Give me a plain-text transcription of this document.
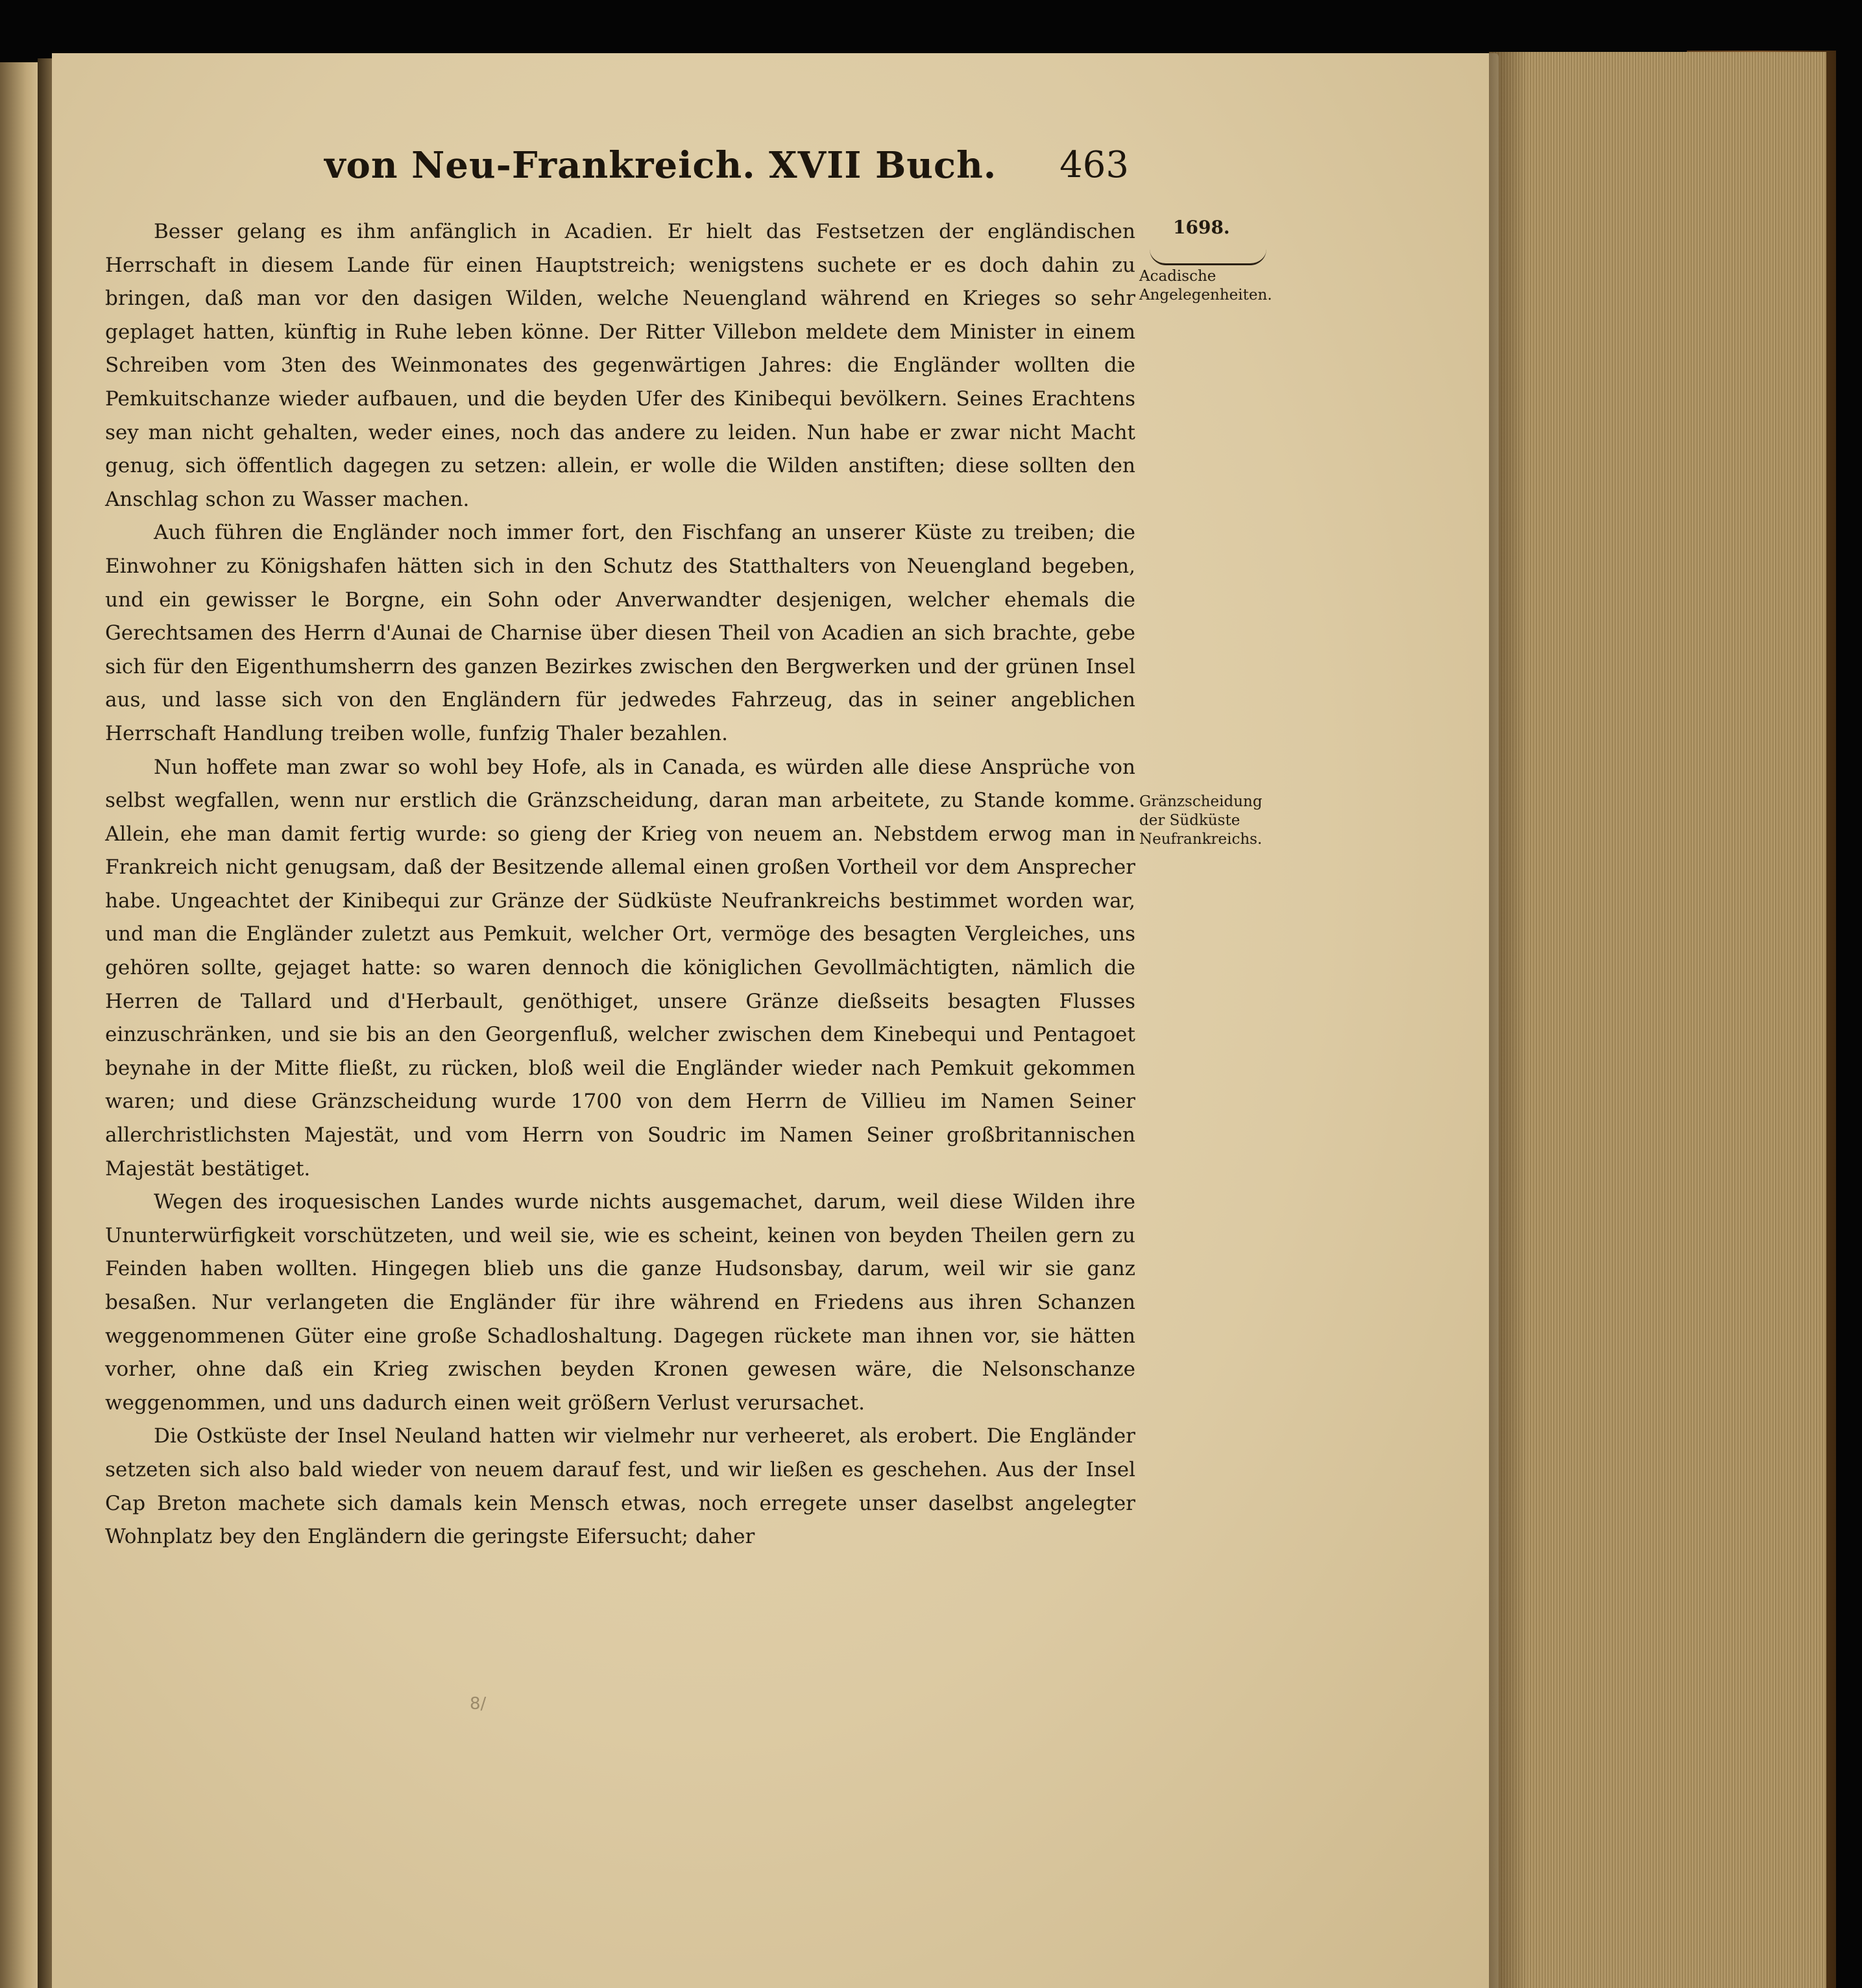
von Neu-Frankreich. XVII Buch. 463
1698.
Acadische Angelegenheiten.
Gränzscheidung der Südküste Neufrankreichs.

Besser gelang es ihm anfänglich in Acadien. Er hielt das Festsetzen der engländischen Herrschaft in diesem Lande für einen Hauptstreich; wenigstens suchete er es doch dahin zu bringen, daß man vor den dasigen Wilden, welche Neuengland während en Krieges so sehr geplaget hatten, künftig in Ruhe leben könne. Der Ritter Villebon meldete dem Minister in einem Schreiben vom 3ten des Weinmonates des gegenwärtigen Jahres: die Engländer wollten die Pemkuitschanze wieder aufbauen, und die beyden Ufer des Kinibequi bevölkern. Seines Erachtens sey man nicht gehalten, weder eines, noch das andere zu leiden. Nun habe er zwar nicht Macht genug, sich öffentlich dagegen zu setzen: allein, er wolle die Wilden anstiften; diese sollten den Anschlag schon zu Wasser machen.

Auch führen die Engländer noch immer fort, den Fischfang an unserer Küste zu treiben; die Einwohner zu Königshafen hätten sich in den Schutz des Statthalters von Neuengland begeben, und ein gewisser le Borgne, ein Sohn oder Anverwandter desjenigen, welcher ehemals die Gerechtsamen des Herrn d'Aunai de Charnise über diesen Theil von Acadien an sich brachte, gebe sich für den Eigenthumsherrn des ganzen Bezirkes zwischen den Bergwerken und der grünen Insel aus, und lasse sich von den Engländern für jedwedes Fahrzeug, das in seiner angeblichen Herrschaft Handlung treiben wolle, funfzig Thaler bezahlen.

Nun hoffete man zwar so wohl bey Hofe, als in Canada, es würden alle diese Ansprüche von selbst wegfallen, wenn nur erstlich die Gränzscheidung, daran man arbeitete, zu Stande komme. Allein, ehe man damit fertig wurde: so gieng der Krieg von neuem an. Nebstdem erwog man in Frankreich nicht genugsam, daß der Besitzende allemal einen großen Vortheil vor dem Ansprecher habe. Ungeachtet der Kinibequi zur Gränze der Südküste Neufrankreichs bestimmet worden war, und man die Engländer zuletzt aus Pemkuit, welcher Ort, vermöge des besagten Vergleiches, uns gehören sollte, gejaget hatte: so waren dennoch die königlichen Gevollmächtigten, nämlich die Herren de Tallard und d'Herbault, genöthiget, unsere Gränze dießseits besagten Flusses einzuschränken, und sie bis an den Georgenfluß, welcher zwischen dem Kinebequi und Pentagoet beynahe in der Mitte fließt, zu rücken, bloß weil die Engländer wieder nach Pemkuit gekommen waren; und diese Gränzscheidung wurde 1700 von dem Herrn de Villieu im Namen Seiner allerchristlichsten Majestät, und vom Herrn von Soudric im Namen Seiner großbritannischen Majestät bestätiget.

Wegen des iroquesischen Landes wurde nichts ausgemachet, darum, weil diese Wilden ihre Ununterwürfigkeit vorschützeten, und weil sie, wie es scheint, keinen von beyden Theilen gern zu Feinden haben wollten. Hingegen blieb uns die ganze Hudsonsbay, darum, weil wir sie ganz besaßen. Nur verlangeten die Engländer für ihre während en Friedens aus ihren Schanzen weggenommenen Güter eine große Schadloshaltung. Dagegen rückete man ihnen vor, sie hätten vorher, ohne daß ein Krieg zwischen beyden Kronen gewesen wäre, die Nelsonschanze weggenommen, und uns dadurch einen weit größern Verlust verursachet.

Die Ostküste der Insel Neuland hatten wir vielmehr nur verheeret, als erobert. Die Engländer setzeten sich also bald wieder von neuem darauf fest, und wir ließen es geschehen. Aus der Insel Cap Breton machete sich damals kein Mensch etwas, noch erregete unser daselbst angelegter Wohnplatz bey den Engländern die geringste Eifersucht; daher

8/
